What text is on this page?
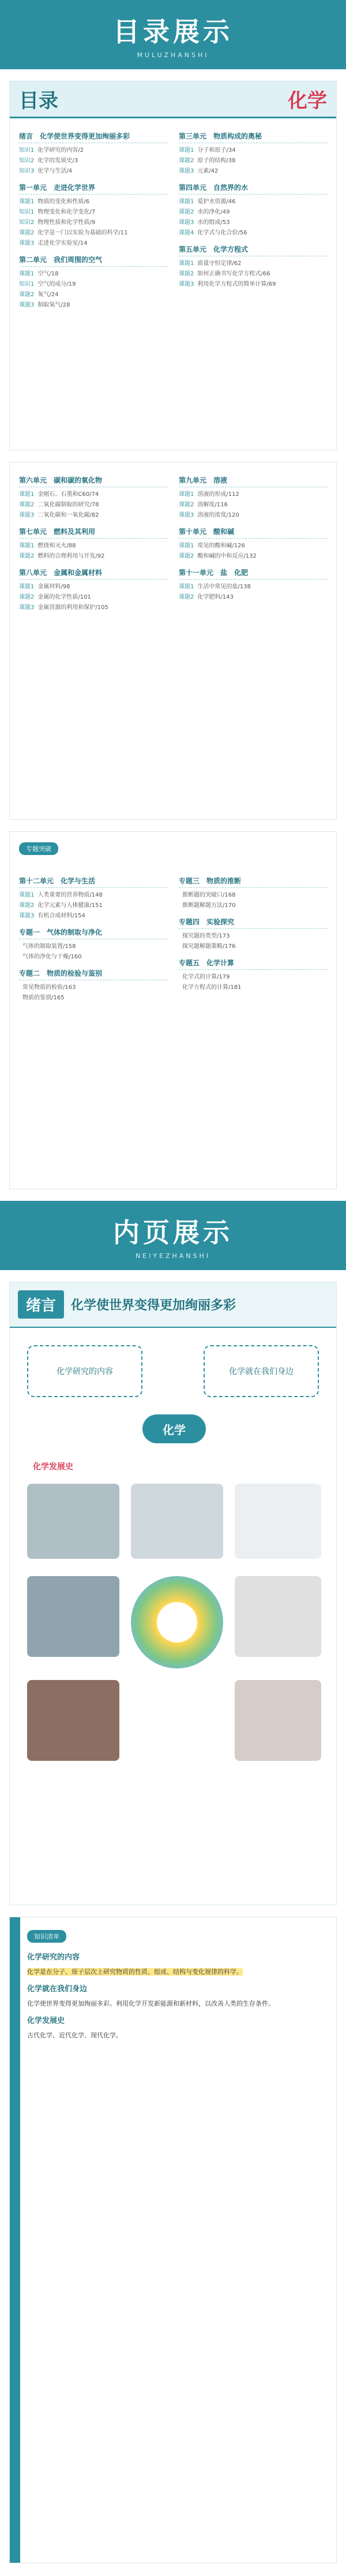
目录展示
MULUZHANSHI
目录	化学
绪言　化学使世界变得更加绚丽多彩
知识1 化学研究的内容/2
知识2 化学的发展史/3
知识3 化学与生活/4
第一单元　走进化学世界
课题1 物质的变化和性质/6
知识1 物理变化和化学变化/7
知识2 物理性质和化学性质/9
课题2 化学是一门以实验为基础的科学/11
课题3 走进化学实验室/14
第二单元　我们周围的空气
课题1 空气/18
知识1 空气的成分/19
课题2 氧气/24
课题3 制取氧气/28
第三单元　物质构成的奥秘
课题1 分子和原子/34
课题2 原子的结构/38
课题3 元素/42
第四单元　自然界的水
课题1 爱护水资源/46
课题2 水的净化/49
课题3 水的组成/53
课题4 化学式与化合价/56
第五单元　化学方程式
课题1 质量守恒定律/62
课题2 如何正确书写化学方程式/66
课题3 利用化学方程式的简单计算/69
第六单元　碳和碳的氧化物
课题1 金刚石、石墨和C60/74
课题2 二氧化碳制取的研究/78
课题3 二氧化碳和一氧化碳/82
第七单元　燃料及其利用
课题1 燃烧和灭火/88
课题2 燃料的合理利用与开发/92
第八单元　金属和金属材料
课题1 金属材料/98
课题2 金属的化学性质/101
课题3 金属资源的利用和保护/105
第九单元　溶液
课题1 溶液的形成/112
课题2 溶解度/116
课题3 溶液的浓度/120
第十单元　酸和碱
课题1 常见的酸和碱/126
课题2 酸和碱的中和反应/132
第十一单元　盐　化肥
课题1 生活中常见的盐/138
课题2 化学肥料/143
专题突破
第十二单元　化学与生活
课题1 人类重要的营养物质/148
课题2 化学元素与人体健康/151
课题3 有机合成材料/154
专题一　气体的制取与净化
气体的制取装置/158
气体的净化与干燥/160
专题二　物质的检验与鉴别
常见物质的检验/163
物质的鉴别/165
专题三　物质的推断
推断题的突破口/168
推断题解题方法/170
专题四　实验探究
探究题的类型/173
探究题解题策略/176
专题五　化学计算
化学式的计算/179
化学方程式的计算/181
内页展示
NEIYEZHANSHI
绪言	化学使世界变得更加绚丽多彩
化学研究的内容	化学就在我们身边
化学
化学发展史
知识清单
化学研究的内容
化学是在分子、原子层次上研究物质的性质、组成、结构与变化规律的科学。
化学就在我们身边
化学使世界变得更加绚丽多彩。利用化学开发新能源和新材料，以改善人类的生存条件。
化学发展史
古代化学、近代化学、现代化学。
